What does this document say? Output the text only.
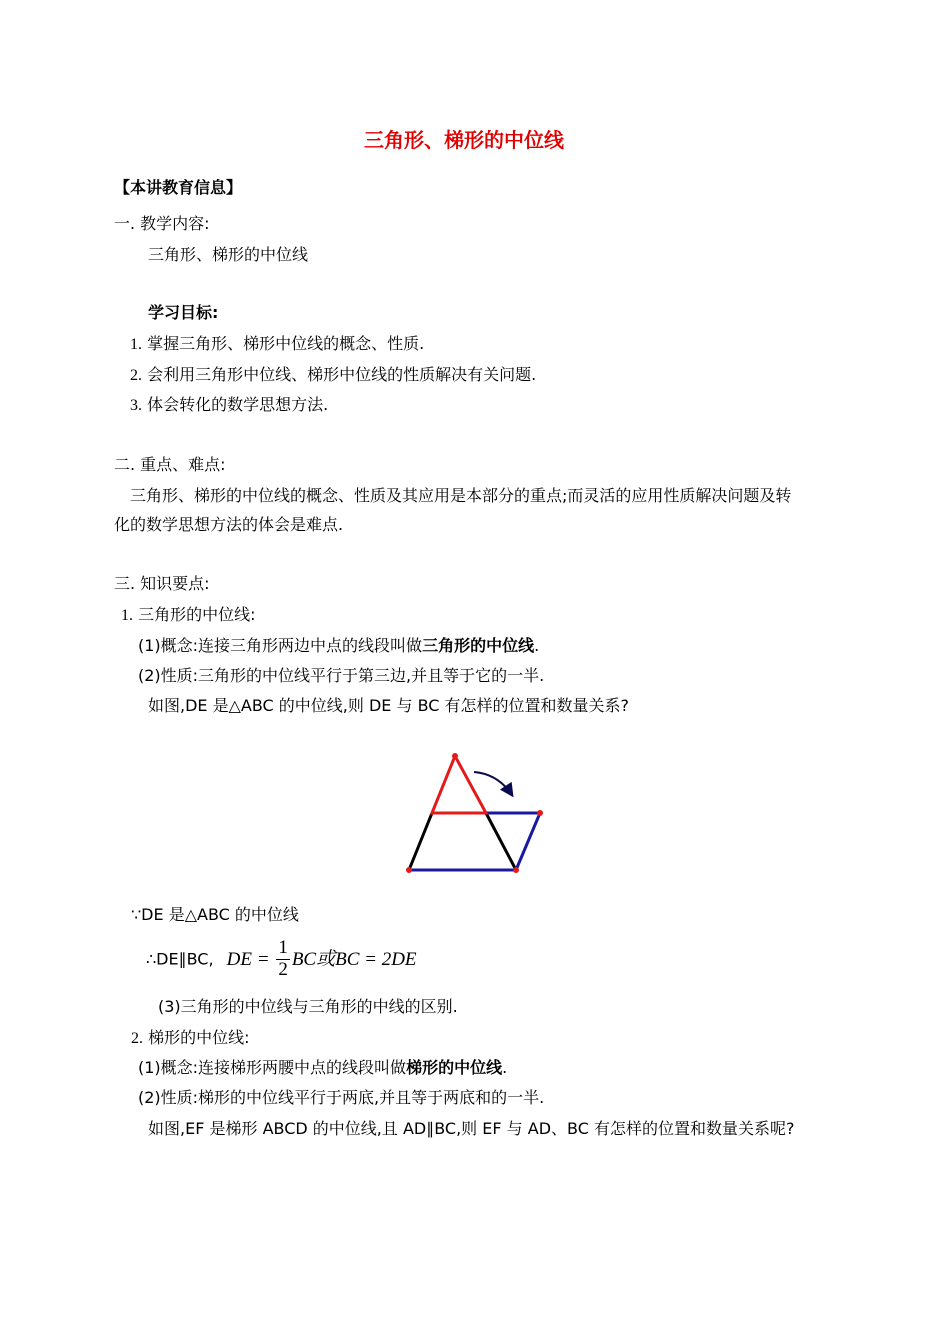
三角形、梯形的中位线
【本讲教育信息】
一. 教学内容:
三角形、梯形的中位线
学习目标:
1. 掌握三角形、梯形中位线的概念、性质.
2. 会利用三角形中位线、梯形中位线的性质解决有关问题.
3. 体会转化的数学思想方法.
二. 重点、难点:
三角形、梯形的中位线的概念、性质及其应用是本部分的重点;而灵活的应用性质解决问题及转
化的数学思想方法的体会是难点.
三. 知识要点:
1. 三角形的中位线:
(1)概念:连接三角形两边中点的线段叫做三角形的中位线.
(2)性质:三角形的中位线平行于第三边,并且等于它的一半.
如图,DE 是△ABC 的中位线,则 DE 与 BC 有怎样的位置和数量关系?
∵DE 是△ABC 的中位线
∴DE∥BC, DE = $\frac{1}{2}$ BC或BC = 2DE
(3)三角形的中位线与三角形的中线的区别.
2. 梯形的中位线:
(1)概念:连接梯形两腰中点的线段叫做梯形的中位线.
(2)性质:梯形的中位线平行于两底,并且等于两底和的一半.
如图,EF 是梯形 ABCD 的中位线,且 AD∥BC,则 EF 与 AD、BC 有怎样的位置和数量关系呢?
